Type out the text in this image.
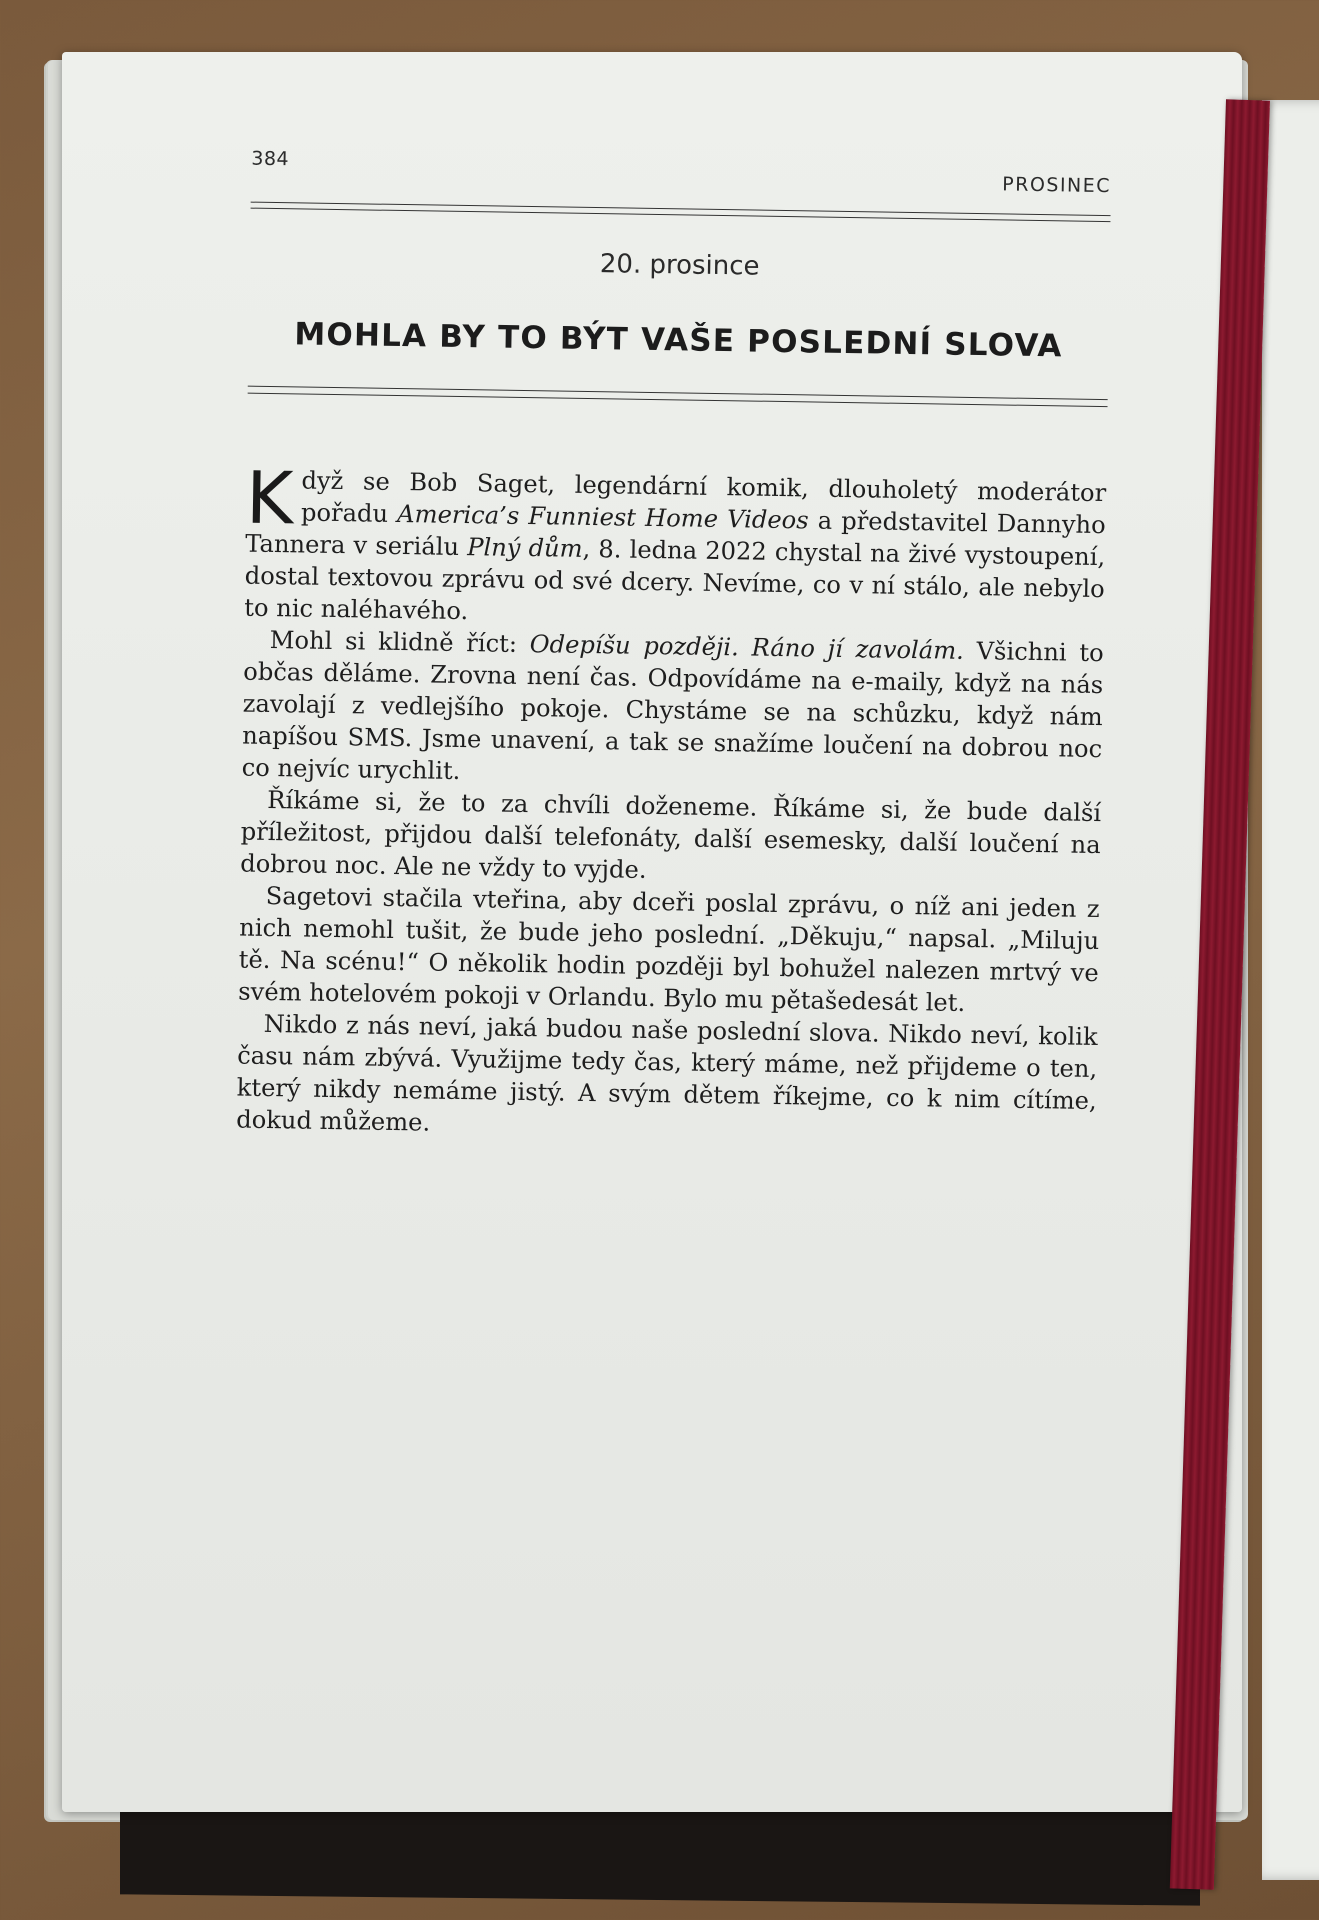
384
PROSINEC
20. prosince
MOHLA BY TO BÝT VAŠE POSLEDNÍ SLOVA

Když se Bob Saget, legendární komik, dlouholetý moderátor pořadu America’s Funniest Home Videos a představitel Dannyho Tannera v seriálu Plný dům, 8. ledna 2022 chystal na živé vystoupení, dostal textovou zprávu od své dcery. Nevíme, co v ní stálo, ale nebylo to nic naléhavého.

Mohl si klidně říct: Odepíšu později. Ráno jí zavolám. Všichni to občas děláme. Zrovna není čas. Odpovídáme na e-maily, když na nás zavolají z vedlejšího pokoje. Chystáme se na schůzku, když nám napíšou SMS. Jsme unavení, a tak se snažíme loučení na dobrou noc co nejvíc urychlit.

Říkáme si, že to za chvíli doženeme. Říkáme si, že bude další příležitost, přijdou další telefonáty, další esemesky, další loučení na dobrou noc. Ale ne vždy to vyjde.

Sagetovi stačila vteřina, aby dceři poslal zprávu, o níž ani jeden z nich nemohl tušit, že bude jeho poslední. „Děkuju,“ napsal. „Miluju tě. Na scénu!“ O několik hodin později byl bohužel nalezen mrtvý ve svém hotelovém pokoji v Orlandu. Bylo mu pětašedesát let.

Nikdo z nás neví, jaká budou naše poslední slova. Nikdo neví, kolik času nám zbývá. Využijme tedy čas, který máme, než přijdeme o ten, který nikdy nemáme jistý. A svým dětem říkejme, co k nim cítíme, dokud můžeme.
